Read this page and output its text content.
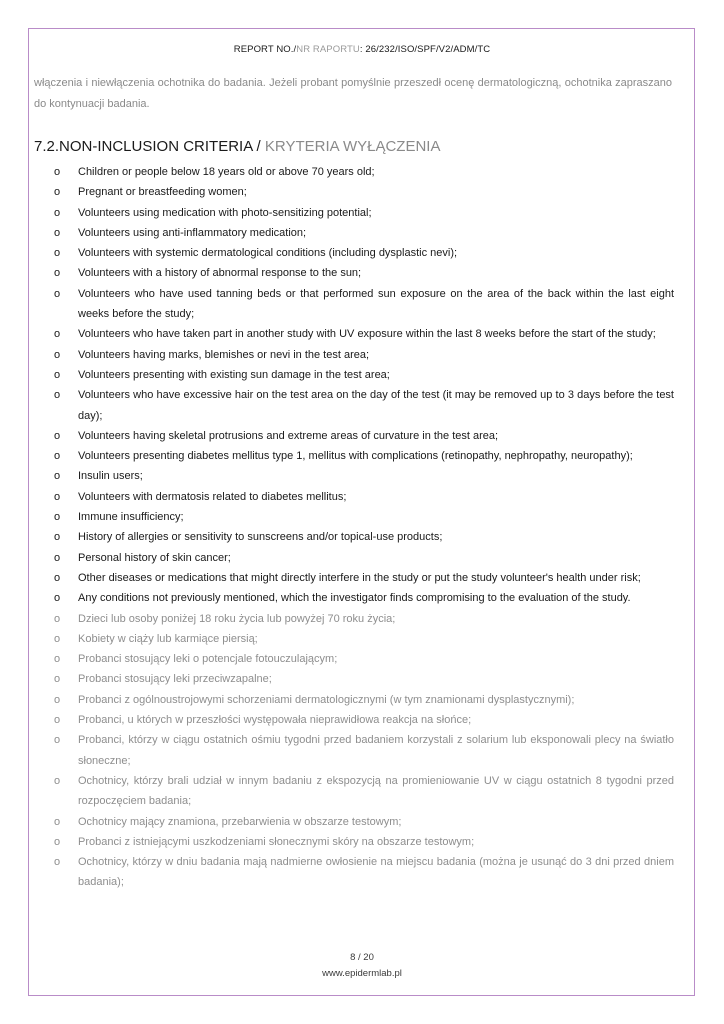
REPORT NO./NR RAPORTU: 26/232/ISO/SPF/V2/ADM/TC
włączenia i niewłączenia ochotnika do badania. Jeżeli probant pomyślnie przeszedł ocenę dermatologiczną, ochotnika zapraszano do kontynuacji badania.
7.2.NON-INCLUSION CRITERIA / KRYTERIA WYŁĄCZENIA
o Children or people below 18 years old or above 70 years old;
o Pregnant or breastfeeding women;
o Volunteers using medication with photo-sensitizing potential;
o Volunteers using anti-inflammatory medication;
o Volunteers with systemic dermatological conditions (including dysplastic nevi);
o Volunteers with a history of abnormal response to the sun;
o Volunteers who have used tanning beds or that performed sun exposure on the area of the back within the last eight weeks before the study;
o Volunteers who have taken part in another study with UV exposure within the last 8 weeks before the start of the study;
o Volunteers having marks, blemishes or nevi in the test area;
o Volunteers presenting with existing sun damage in the test area;
o Volunteers who have excessive hair on the test area on the day of the test (it may be removed up to 3 days before the test day);
o Volunteers having skeletal protrusions and extreme areas of curvature in the test area;
o Volunteers presenting diabetes mellitus type 1, mellitus with complications (retinopathy, nephropathy, neuropathy);
o Insulin users;
o Volunteers with dermatosis related to diabetes mellitus;
o Immune insufficiency;
o History of allergies or sensitivity to sunscreens and/or topical-use products;
o Personal history of skin cancer;
o Other diseases or medications that might directly interfere in the study or put the study volunteer's health under risk;
o Any conditions not previously mentioned, which the investigator finds compromising to the evaluation of the study.
o Dzieci lub osoby poniżej 18 roku życia lub powyżej 70 roku życia;
o Kobiety w ciąży lub karmiące piersią;
o Probanci stosujący leki o potencjale fotouczulającym;
o Probanci stosujący leki przeciwzapalne;
o Probanci z ogólnoustrojowymi schorzeniami dermatologicznymi (w tym znamionami dysplastycznymi);
o Probanci, u których w przeszłości występowała nieprawidłowa reakcja na słońce;
o Probanci, którzy w ciągu ostatnich ośmiu tygodni przed badaniem korzystali z solarium lub eksponowali plecy na światło słoneczne;
o Ochotnicy, którzy brali udział w innym badaniu z ekspozycją na promieniowanie UV w ciągu ostatnich 8 tygodni przed rozpoczęciem badania;
o Ochotnicy mający znamiona, przebarwienia w obszarze testowym;
o Probanci z istniejącymi uszkodzeniami słonecznymi skóry na obszarze testowym;
o Ochotnicy, którzy w dniu badania mają nadmierne owłosienie na miejscu badania (można je usunąć do 3 dni przed dniem badania);
8 / 20
www.epidermlab.pl
